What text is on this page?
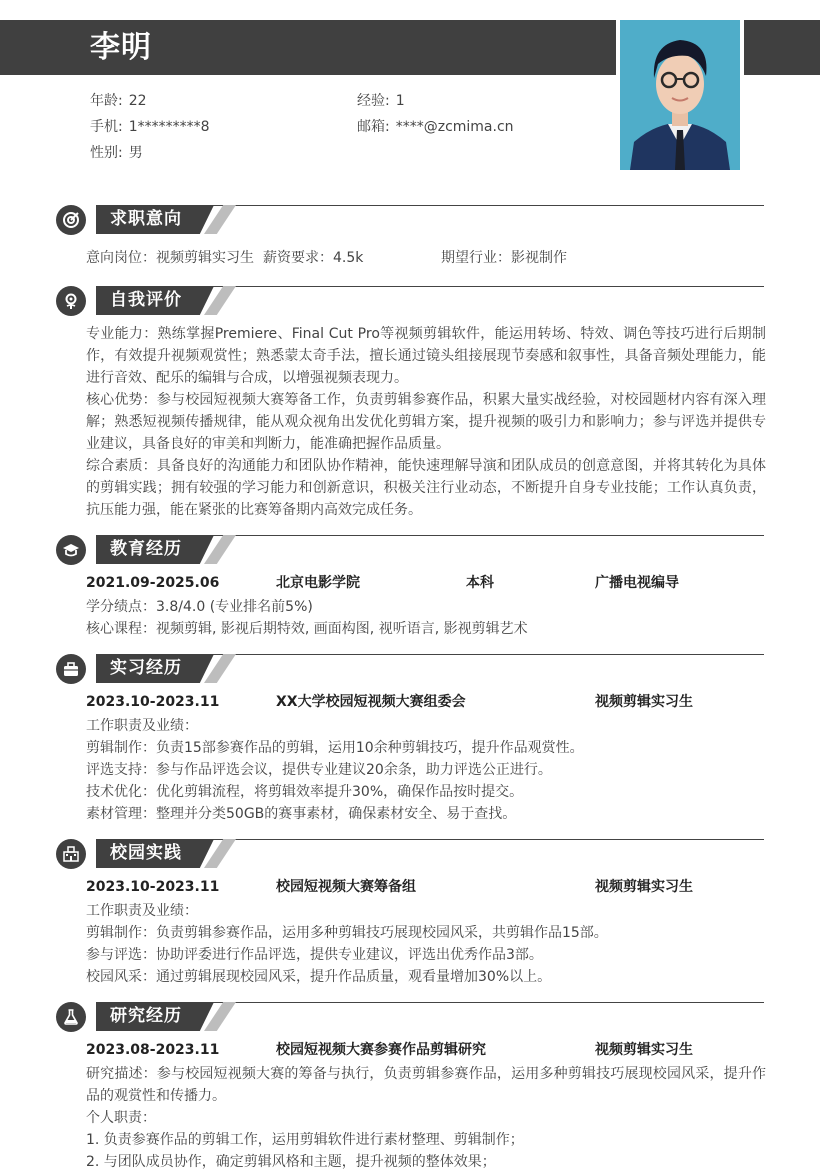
李明
年龄: 22	经验: 1
手机: 1*********8	邮箱: ****@zcmima.cn
性别: 男
求职意向
意向岗位：视频剪辑实习生 薪资要求：4.5k	期望行业：影视制作
自我评价
专业能力：熟练掌握Premiere、Final Cut Pro等视频剪辑软件，能运用转场、特效、调色等技巧进行后期制作，有效提升视频观赏性；熟悉蒙太奇手法，擅长通过镜头组接展现节奏感和叙事性，具备音频处理能力，能进行音效、配乐的编辑与合成，以增强视频表现力。
核心优势：参与校园短视频大赛筹备工作，负责剪辑参赛作品，积累大量实战经验，对校园题材内容有深入理解；熟悉短视频传播规律，能从观众视角出发优化剪辑方案，提升视频的吸引力和影响力；参与评选并提供专业建议，具备良好的审美和判断力，能准确把握作品质量。
综合素质：具备良好的沟通能力和团队协作精神，能快速理解导演和团队成员的创意意图，并将其转化为具体的剪辑实践；拥有较强的学习能力和创新意识，积极关注行业动态，不断提升自身专业技能；工作认真负责，抗压能力强，能在紧张的比赛筹备期内高效完成任务。
教育经历
2021.09-2025.06	北京电影学院	本科	广播电视编导
学分绩点：3.8/4.0 (专业排名前5%)
核心课程：视频剪辑, 影视后期特效, 画面构图, 视听语言, 影视剪辑艺术
实习经历
2023.10-2023.11	XX大学校园短视频大赛组委会	视频剪辑实习生
工作职责及业绩：
剪辑制作：负责15部参赛作品的剪辑，运用10余种剪辑技巧，提升作品观赏性。
评选支持：参与作品评选会议，提供专业建议20余条，助力评选公正进行。
技术优化：优化剪辑流程，将剪辑效率提升30%，确保作品按时提交。
素材管理：整理并分类50GB的赛事素材，确保素材安全、易于查找。
校园实践
2023.10-2023.11	校园短视频大赛筹备组	视频剪辑实习生
工作职责及业绩：
剪辑制作：负责剪辑参赛作品，运用多种剪辑技巧展现校园风采，共剪辑作品15部。
参与评选：协助评委进行作品评选，提供专业建议，评选出优秀作品3部。
校园风采：通过剪辑展现校园风采，提升作品质量，观看量增加30%以上。
研究经历
2023.08-2023.11	校园短视频大赛参赛作品剪辑研究	视频剪辑实习生
研究描述：参与校园短视频大赛的筹备与执行，负责剪辑参赛作品，运用多种剪辑技巧展现校园风采，提升作品的观赏性和传播力。
个人职责：
1. 负责参赛作品的剪辑工作，运用剪辑软件进行素材整理、剪辑制作；
2. 与团队成员协作，确定剪辑风格和主题，提升视频的整体效果；
